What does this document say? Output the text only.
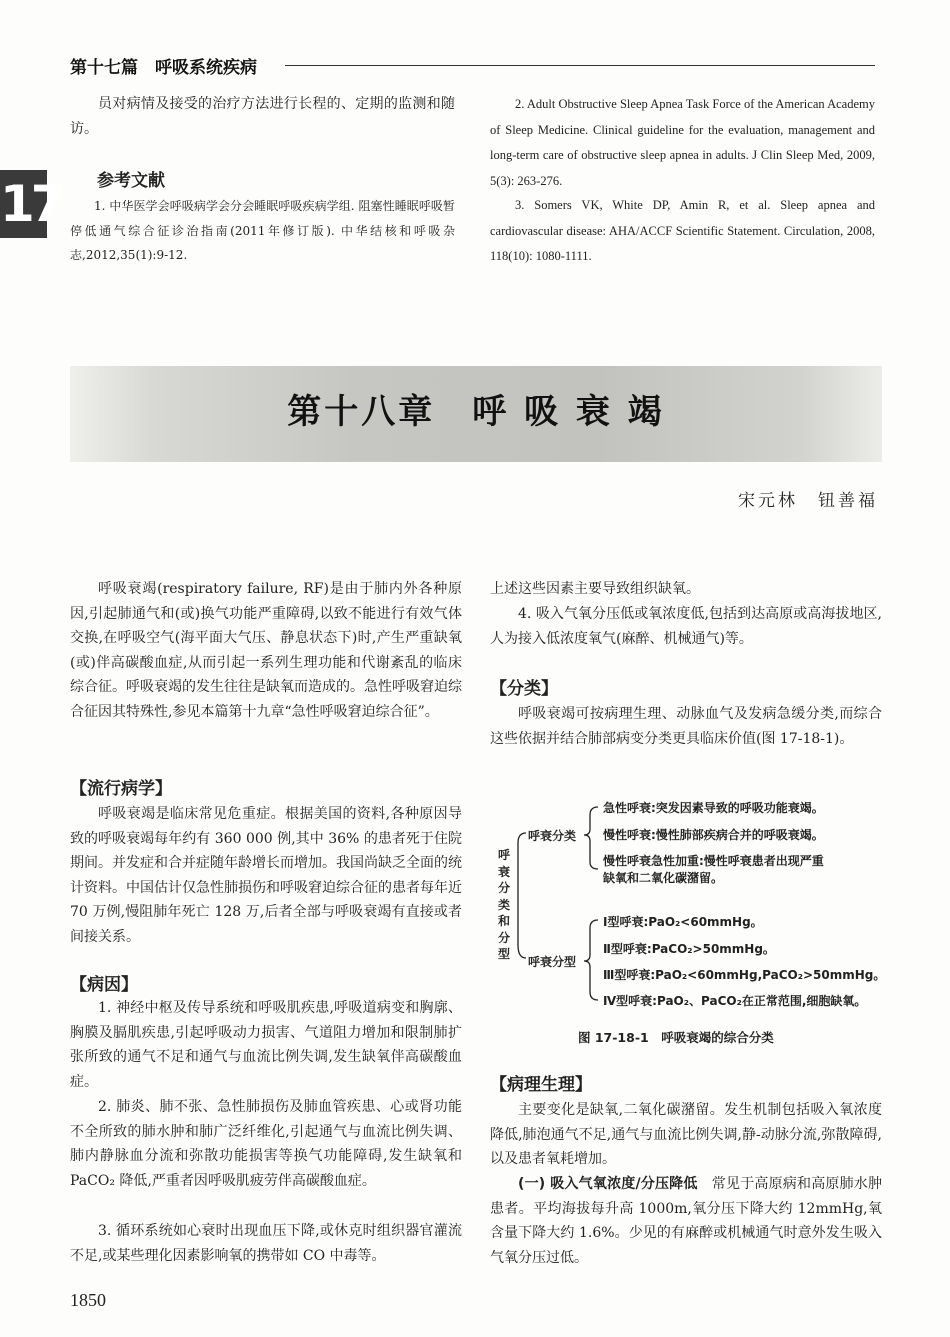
第十七篇　呼吸系统疾病
17
员对病情及接受的治疗方法进行长程的、定期的监测和随访。
参考文献
1. 中华医学会呼吸病学会分会睡眠呼吸疾病学组. 阻塞性睡眠呼吸暂停低通气综合征诊治指南(2011年修订版). 中华结核和呼吸杂志,2012,35(1):9-12.
2. Adult Obstructive Sleep Apnea Task Force of the American Academy of Sleep Medicine. Clinical guideline for the evaluation, management and long-term care of obstructive sleep apnea in adults. J Clin Sleep Med, 2009, 5(3): 263-276.
3. Somers VK, White DP, Amin R, et al. Sleep apnea and cardiovascular disease: AHA/ACCF Scientific Statement. Circulation, 2008, 118(10): 1080-1111.
第十八章　呼 吸 衰 竭
宋元林　钮善福
呼吸衰竭(respiratory failure, RF)是由于肺内外各种原因,引起肺通气和(或)换气功能严重障碍,以致不能进行有效气体交换,在呼吸空气(海平面大气压、静息状态下)时,产生严重缺氧(或)伴高碳酸血症,从而引起一系列生理功能和代谢紊乱的临床综合征。呼吸衰竭的发生往往是缺氧而造成的。急性呼吸窘迫综合征因其特殊性,参见本篇第十九章“急性呼吸窘迫综合征”。
【流行病学】
呼吸衰竭是临床常见危重症。根据美国的资料,各种原因导致的呼吸衰竭每年约有 360 000 例,其中 36% 的患者死于住院期间。并发症和合并症随年龄增长而增加。我国尚缺乏全面的统计资料。中国估计仅急性肺损伤和呼吸窘迫综合征的患者每年近 70 万例,慢阻肺年死亡 128 万,后者全部与呼吸衰竭有直接或者间接关系。
【病因】
1. 神经中枢及传导系统和呼吸肌疾患,呼吸道病变和胸廓、胸膜及膈肌疾患,引起呼吸动力损害、气道阻力增加和限制肺扩张所致的通气不足和通气与血流比例失调,发生缺氧伴高碳酸血症。
2. 肺炎、肺不张、急性肺损伤及肺血管疾患、心或肾功能不全所致的肺水肿和肺广泛纤维化,引起通气与血流比例失调、肺内静脉血分流和弥散功能损害等换气功能障碍,发生缺氧和 PaCO₂ 降低,严重者因呼吸肌疲劳伴高碳酸血症。
3. 循环系统如心衰时出现血压下降,或休克时组织器官灌流不足,或某些理化因素影响氧的携带如 CO 中毒等。
上述这些因素主要导致组织缺氧。
4. 吸入气氧分压低或氧浓度低,包括到达高原或高海拔地区,人为接入低浓度氧气(麻醉、机械通气)等。
【分类】
呼吸衰竭可按病理生理、动脉血气及发病急缓分类,而综合这些依据并结合肺部病变分类更具临床价值(图 17-18-1)。
呼衰分类和分型
呼衰分类
呼衰分型
急性呼衰:突发因素导致的呼吸功能衰竭。
慢性呼衰:慢性肺部疾病合并的呼吸衰竭。
慢性呼衰急性加重:慢性呼衰患者出现严重
缺氧和二氧化碳潴留。
Ⅰ型呼衰:PaO₂<60mmHg。
Ⅱ型呼衰:PaCO₂>50mmHg。
Ⅲ型呼衰:PaO₂<60mmHg,PaCO₂>50mmHg。
Ⅳ型呼衰:PaO₂、PaCO₂在正常范围,细胞缺氧。
图 17-18-1　呼吸衰竭的综合分类
【病理生理】
主要变化是缺氧,二氧化碳潴留。发生机制包括吸入氧浓度降低,肺泡通气不足,通气与血流比例失调,静-动脉分流,弥散障碍,以及患者氧耗增加。
(一) 吸入气氧浓度/分压降低　 常见于高原病和高原肺水肿患者。平均海拔每升高 1000m,氧分压下降大约 12mmHg,氧含量下降大约 1.6%。少见的有麻醉或机械通气时意外发生吸入气氧分压过低。
1850
